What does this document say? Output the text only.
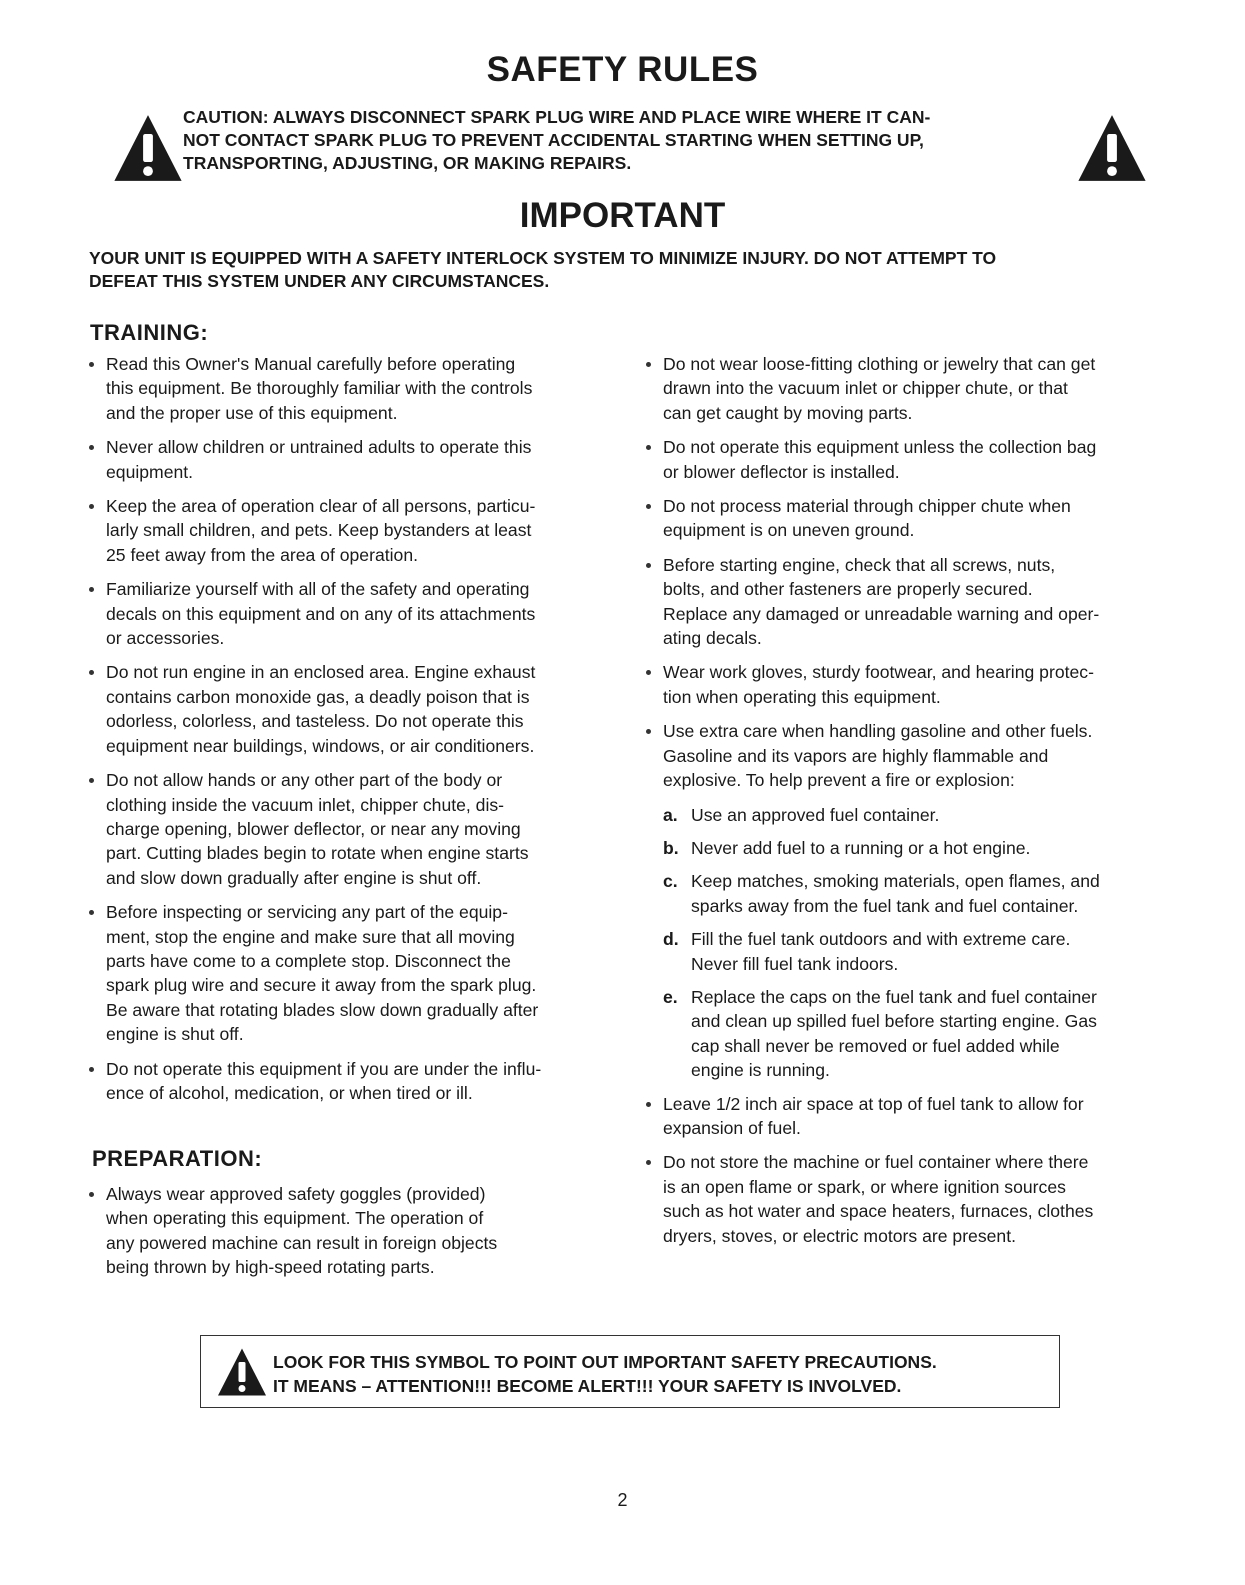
SAFETY RULES
CAUTION: ALWAYS DISCONNECT SPARK PLUG WIRE AND PLACE WIRE WHERE IT CAN-
NOT CONTACT SPARK PLUG TO PREVENT ACCIDENTAL STARTING WHEN SETTING UP,
TRANSPORTING, ADJUSTING, OR MAKING REPAIRS.
IMPORTANT
YOUR UNIT IS EQUIPPED WITH A SAFETY INTERLOCK SYSTEM TO MINIMIZE INJURY. DO NOT ATTEMPT TO
DEFEAT THIS SYSTEM UNDER ANY CIRCUMSTANCES.
TRAINING:
Read this Owner's Manual carefully before operating
this equipment. Be thoroughly familiar with the controls
and the proper use of this equipment.
Never allow children or untrained adults to operate this
equipment.
Keep the area of operation clear of all persons, particu-
larly small children, and pets. Keep bystanders at least
25 feet away from the area of operation.
Familiarize yourself with all of the safety and operating
decals on this equipment and on any of its attachments
or accessories.
Do not run engine in an enclosed area. Engine exhaust
contains carbon monoxide gas, a deadly poison that is
odorless, colorless, and tasteless. Do not operate this
equipment near buildings, windows, or air conditioners.
Do not allow hands or any other part of the body or
clothing inside the vacuum inlet, chipper chute, dis-
charge opening, blower deflector, or near any moving
part. Cutting blades begin to rotate when engine starts
and slow down gradually after engine is shut off.
Before inspecting or servicing any part of the equip-
ment, stop the engine and make sure that all moving
parts have come to a complete stop. Disconnect the
spark plug wire and secure it away from the spark plug.
Be aware that rotating blades slow down gradually after
engine is shut off.
Do not operate this equipment if you are under the influ-
ence of alcohol, medication, or when tired or ill.
PREPARATION:
Always wear approved safety goggles (provided)
when operating this equipment. The operation of
any powered machine can result in foreign objects
being thrown by high-speed rotating parts.
Do not wear loose-fitting clothing or jewelry that can get
drawn into the vacuum inlet or chipper chute, or that
can get caught by moving parts.
Do not operate this equipment unless the collection bag
or blower deflector is installed.
Do not process material through chipper chute when
equipment is on uneven ground.
Before starting engine, check that all screws, nuts,
bolts, and other fasteners are properly secured.
Replace any damaged or unreadable warning and oper-
ating decals.
Wear work gloves, sturdy footwear, and hearing protec-
tion when operating this equipment.
Use extra care when handling gasoline and other fuels.
Gasoline and its vapors are highly flammable and
explosive. To help prevent a fire or explosion:
a. Use an approved fuel container.
b. Never add fuel to a running or a hot engine.
c. Keep matches, smoking materials, open flames, and
sparks away from the fuel tank and fuel container.
d. Fill the fuel tank outdoors and with extreme care.
Never fill fuel tank indoors.
e. Replace the caps on the fuel tank and fuel container
and clean up spilled fuel before starting engine. Gas
cap shall never be removed or fuel added while
engine is running.
Leave 1/2 inch air space at top of fuel tank to allow for
expansion of fuel.
Do not store the machine or fuel container where there
is an open flame or spark, or where ignition sources
such as hot water and space heaters, furnaces, clothes
dryers, stoves, or electric motors are present.
LOOK FOR THIS SYMBOL TO POINT OUT IMPORTANT SAFETY PRECAUTIONS.
IT MEANS – ATTENTION!!! BECOME ALERT!!! YOUR SAFETY IS INVOLVED.
2
